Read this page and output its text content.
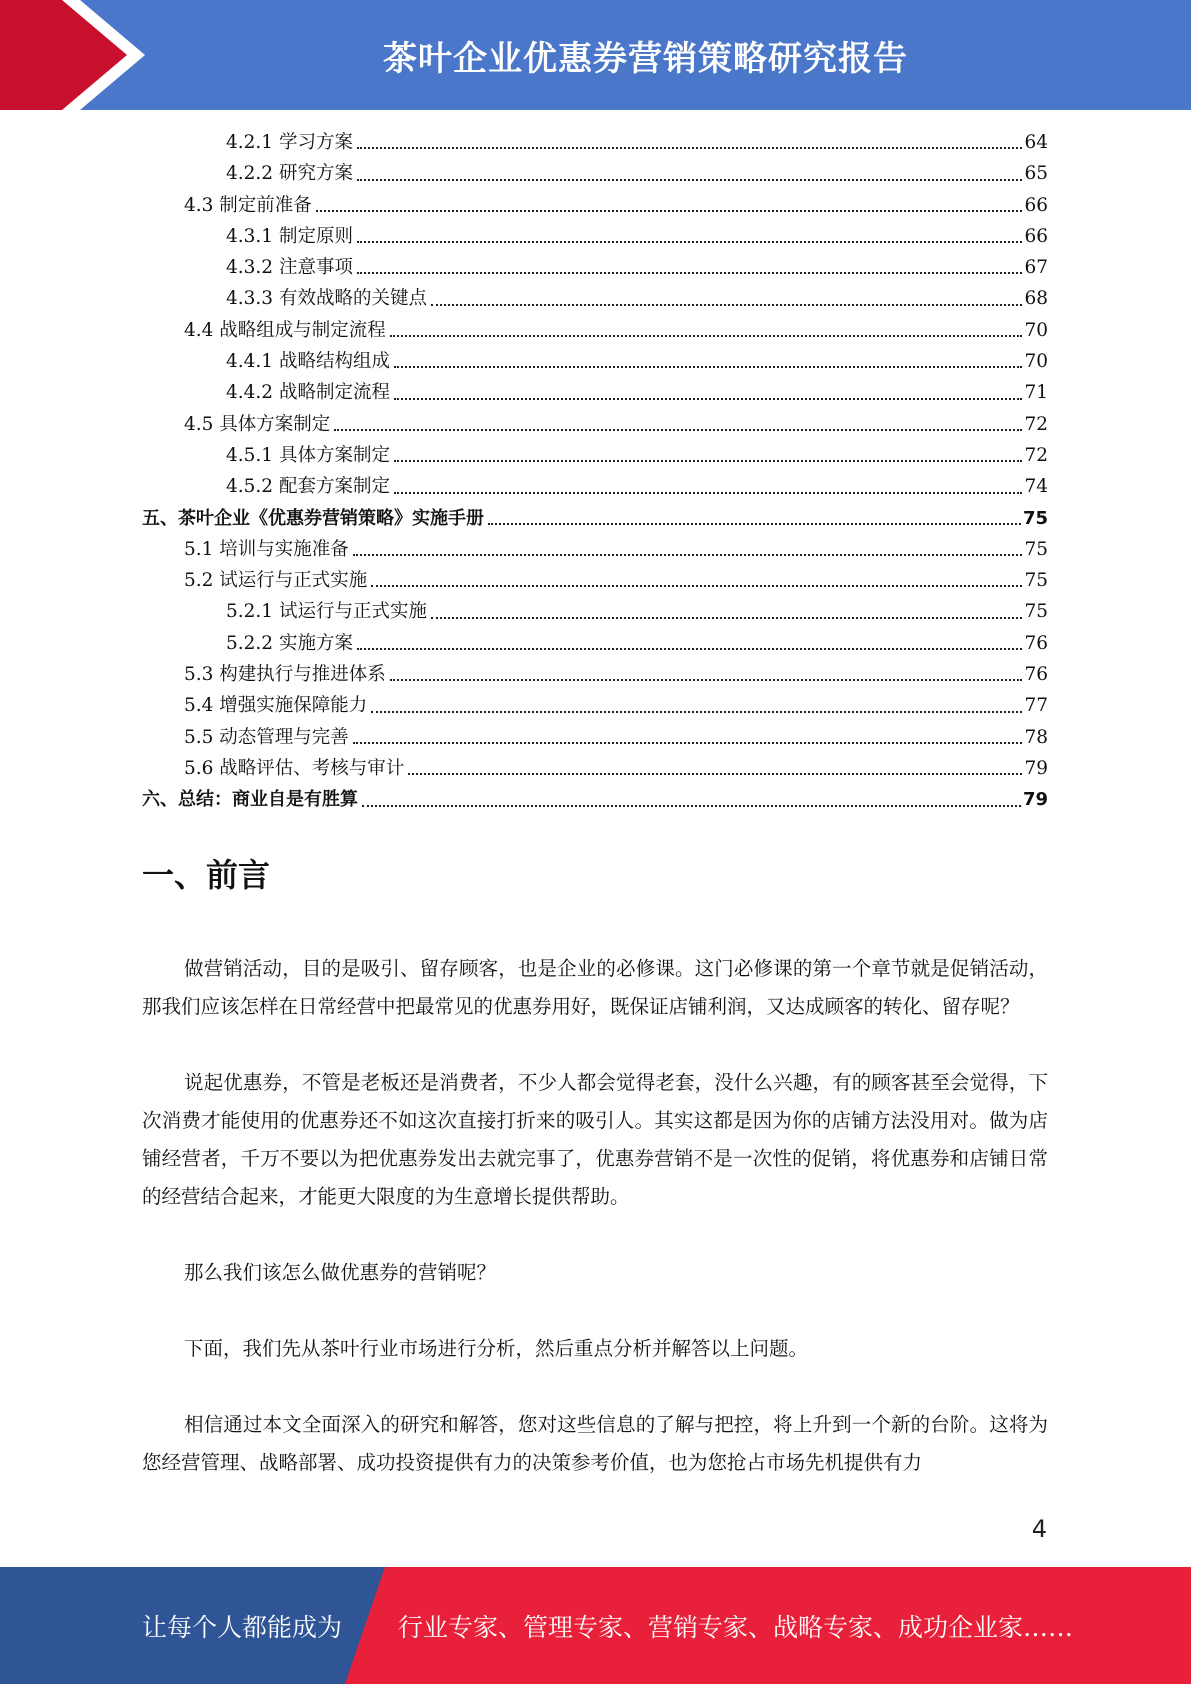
茶叶企业优惠券营销策略研究报告
4.2.1 学习方案	64
4.2.2 研究方案	65
4.3 制定前准备	66
4.3.1 制定原则	66
4.3.2 注意事项	67
4.3.3 有效战略的关键点	68
4.4 战略组成与制定流程	70
4.4.1 战略结构组成	70
4.4.2 战略制定流程	71
4.5 具体方案制定	72
4.5.1 具体方案制定	72
4.5.2 配套方案制定	74
五、茶叶企业《优惠券营销策略》实施手册	75
5.1 培训与实施准备	75
5.2 试运行与正式实施	75
5.2.1 试运行与正式实施	75
5.2.2 实施方案	76
5.3 构建执行与推进体系	76
5.4 增强实施保障能力	77
5.5 动态管理与完善	78
5.6 战略评估、考核与审计	79
六、总结：商业自是有胜算	79
一、前言

做营销活动，目的是吸引、留存顾客，也是企业的必修课。这门必修课的第一个章节就是促销活动，那我们应该怎样在日常经营中把最常见的优惠券用好，既保证店铺利润，又达成顾客的转化、留存呢？

说起优惠券，不管是老板还是消费者，不少人都会觉得老套，没什么兴趣，有的顾客甚至会觉得，下次消费才能使用的优惠券还不如这次直接打折来的吸引人。其实这都是因为你的店铺方法没用对。做为店铺经营者，千万不要以为把优惠券发出去就完事了，优惠券营销不是一次性的促销，将优惠券和店铺日常的经营结合起来，才能更大限度的为生意增长提供帮助。

那么我们该怎么做优惠券的营销呢？

下面，我们先从茶叶行业市场进行分析，然后重点分析并解答以上问题。

相信通过本文全面深入的研究和解答，您对这些信息的了解与把控，将上升到一个新的台阶。这将为您经营管理、战略部署、成功投资提供有力的决策参考价值，也为您抢占市场先机提供有力

4
让每个人都能成为 行业专家、管理专家、营销专家、战略专家、成功企业家……
